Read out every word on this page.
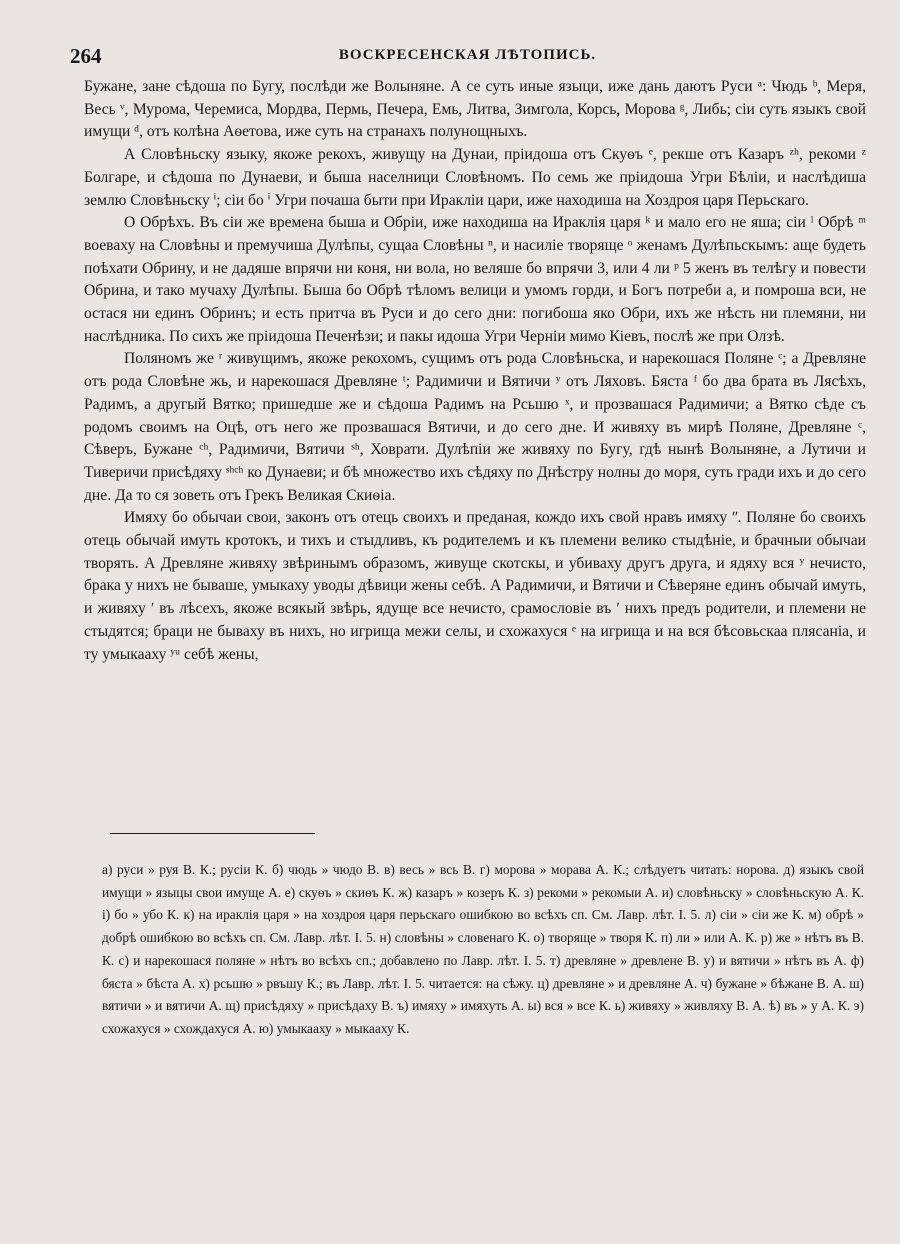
264	ВОСКРЕСЕНСКАЯ ЛѢТОПИСЬ.

Бужане, зане сѣдоша по Бугу, послѣди же Волыняне. А се суть иные языци, иже дань даютъ Руси ᵃ: Чюдь ᵇ, Меря, Весь ᵛ, Мурома, Черемиса, Мордва, Пермь, Печера, Емь, Литва, Зимгола, Корсь, Морова ᵍ, Либь; сіи суть языкъ свой имущи ᵈ, отъ колѣна Аѳетова, иже суть на странахъ полунощныхъ.

А Словѣньску языку, якоже рекохъ, живущу на Дунаи, пріидоша отъ Скуѳъ ᵉ, рекше отъ Казаръ ᶻʰ, рекоми ᶻ Болгаре, и сѣдоша по Дунаеви, и быша населници Словѣномъ. По семь же пріидоша Угри Бѣліи, и наслѣдиша землю Словѣньску ⁱ; сіи бо ⁱ Угри почаша быти при Иракліи цари, иже находиша на Хоздроя царя Перьскаго.

О Обрѣхъ. Въ сіи же времена быша и Обріи, иже находиша на Ираклія царя ᵏ и мало его не яша; сіи ˡ Обрѣ ᵐ воеваху на Словѣны и премучиша Дулѣпы, сущаа Словѣны ⁿ, и насиліе творяще ᵒ женамъ Дулѣпьскымъ: аще будеть поѣхати Обрину, и не дадяше впрячи ни коня, ни вола, но веляше бо впрячи 3, или 4 ли ᵖ 5 женъ въ телѣгу и повести Обрина, и тако мучаху Дулѣпы. Быша бо Обрѣ тѣломъ велици и умомъ горди, и Богъ потреби а, и помроша вси, не остася ни единъ Обринъ; и есть притча въ Руси и до сего дни: погибоша яко Обри, ихъ же нѣсть ни племяни, ни наслѣдника. По сихъ же пріидоша Печенѣзи; и пакы идоша Угри Черніи мимо Кіевъ, послѣ же при Олзѣ.

Поляномъ же ʳ живущимъ, якоже рекохомъ, сущимъ отъ рода Словѣньска, и нарекошася Поляне ᶜ; а Древляне отъ рода Словѣне жь, и нарекошася Древляне ᵗ; Радимичи и Вятичи ʸ отъ Ляховъ. Бяста ᶠ бо два брата въ Лясѣхъ, Радимъ, а другый Вятко; пришедше же и сѣдоша Радимъ на Рсьшю ˣ, и прозвашася Радимичи; а Вятко сѣде съ родомъ своимъ на Оцѣ, отъ него же прозвашася Вятичи, и до сего дне. И живяху въ мирѣ Поляне, Древляне ᶜ, Сѣверъ, Бужане ᶜʰ, Радимичи, Вятичи ˢʰ, Ховрати. Дулѣпіи же живяху по Бугу, гдѣ нынѣ Волыняне, а Лутичи и Тиверичи присѣдяху ˢʰᶜʰ ко Дунаеви; и бѣ множество ихъ сѣдяху по Днѣстру нолны до моря, суть гради ихъ и до сего дне. Да то ся зоветь отъ Грекъ Великая Скиѳіа.

Имяху бо обычаи свои, законъ отъ отець своихъ и преданая, кождо ихъ свой нравъ имяху ʺ. Поляне бо своихъ отець обычай имуть кротокъ, и тихъ и стыдливъ, къ родителемъ и къ племени велико стыдѣніе, и брачныи обычаи творять. А Древляне живяху звѣринымъ образомъ, живуще скотскы, и убиваху другъ друга, и ядяху вся ʸ нечисто, брака у нихъ не бываше, умыкаху уводы дѣвици жены себѣ. А Радимичи, и Вятичи и Сѣверяне единъ обычай имуть, и живяху ʹ въ лѣсехъ, якоже всякый звѣрь, ядуще все нечисто, срамословіе въ ʹ нихъ предъ родители, и племени не стыдятся; браци не бываху въ нихъ, но игрища межи селы, и схожахуся ᵉ на игрища и на вся бѣсовьскаа плясаніа, и ту умыкааху ʸᵘ себѣ жены,

а) руси » руя В. К.; русіи К. б) чюдь » чюдо В. в) весь » вcь В. г) морова » морава А. К.; слѣдуетъ читать: норова. д) языкъ свой имущи » языцы свои имуще А. е) скуѳъ » скиѳъ К. ж) казаръ » козеръ К. з) рекоми » рекомыи А. и) словѣньску » словѣньскую А. К. і) бо » убо К. к) на ираклія царя » на хоздроя царя перьскаго ошибкою во всѣхъ сп. См. Лавр. лѣт. І. 5. л) сіи » сіи же К. м) обрѣ » добрѣ ошибкою во всѣхъ сп. См. Лавр. лѣт. І. 5. н) словѣны » словенаго К. о) творяще » творя К. п) ли » или А. К. р) же » нѣтъ въ В. К. с) и нарекошася поляне » нѣтъ во всѣхъ сп.; добавлено по Лавр. лѣт. І. 5. т) древляне » древлене В. у) и вятичи » нѣтъ въ А. ф) бяста » бѣста А. х) рсьшю » рвъшу К.; въ Лавр. лѣт. І. 5. читается: на сѣжу. ц) древляне » и древляне А. ч) бужане » бѣжане В. А. ш) вятичи » и вятичи А. щ) присѣдяху » присѣдаху В. ъ) имяху » имяхуть А. ы) вся » все К. ь) живяху » живляху В. А. ѣ) въ » у А. К. э) схожахуся » схождахуся А. ю) умыкааху » мыкааху К.
